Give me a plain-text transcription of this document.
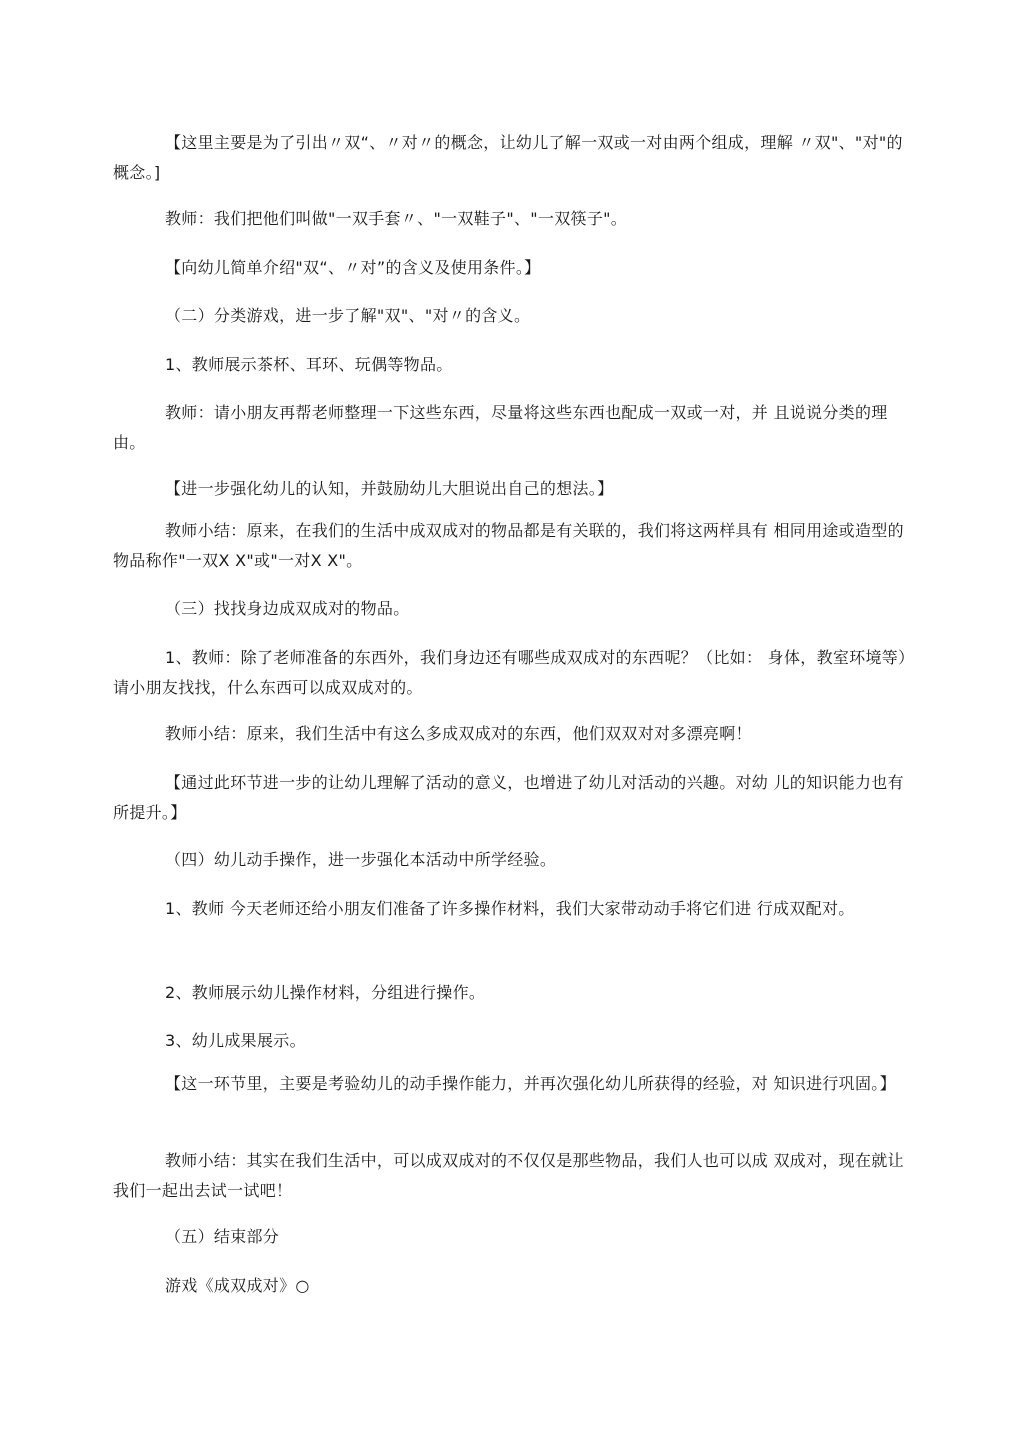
【这里主要是为了引出〃双“、〃对〃的概念，让幼儿了解一双或一对由两个组成，理解 〃双"、"对"的概念。]

教师：我们把他们叫做"一双手套〃、"一双鞋子"、"一双筷子"。

【向幼儿简单介绍"双“、〃对”的含义及使用条件。】

（二）分类游戏，进一步了解"双"、"对〃的含义。

1、教师展示茶杯、耳环、玩偶等物品。

教师：请小朋友再帮老师整理一下这些东西，尽量将这些东西也配成一双或一对，并 且说说分类的理由。

【进一步强化幼儿的认知，并鼓励幼儿大胆说出自己的想法。】

教师小结：原来，在我们的生活中成双成对的物品都是有关联的，我们将这两样具有 相同用途或造型的物品称作"一双X X"或"一对X X"。

（三）找找身边成双成对的物品。

1、教师：除了老师准备的东西外，我们身边还有哪些成双成对的东西呢？（比如： 身体，教室环境等）请小朋友找找，什么东西可以成双成对的。

教师小结：原来，我们生活中有这么多成双成对的东西，他们双双对对多漂亮啊！

【通过此环节进一步的让幼儿理解了活动的意义，也增进了幼儿对活动的兴趣。对幼 儿的知识能力也有所提升。】

（四）幼儿动手操作，进一步强化本活动中所学经验。

1、教师 今天老师还给小朋友们准备了许多操作材料，我们大家带动动手将它们进 行成双配对。

2、教师展示幼儿操作材料，分组进行操作。

3、幼儿成果展示。

【这一环节里，主要是考验幼儿的动手操作能力，并再次强化幼儿所获得的经验，对 知识进行巩固。】

教师小结：其实在我们生活中，可以成双成对的不仅仅是那些物品，我们人也可以成 双成对，现在就让我们一起出去试一试吧！

（五）结束部分

游戏《成双成对》○
